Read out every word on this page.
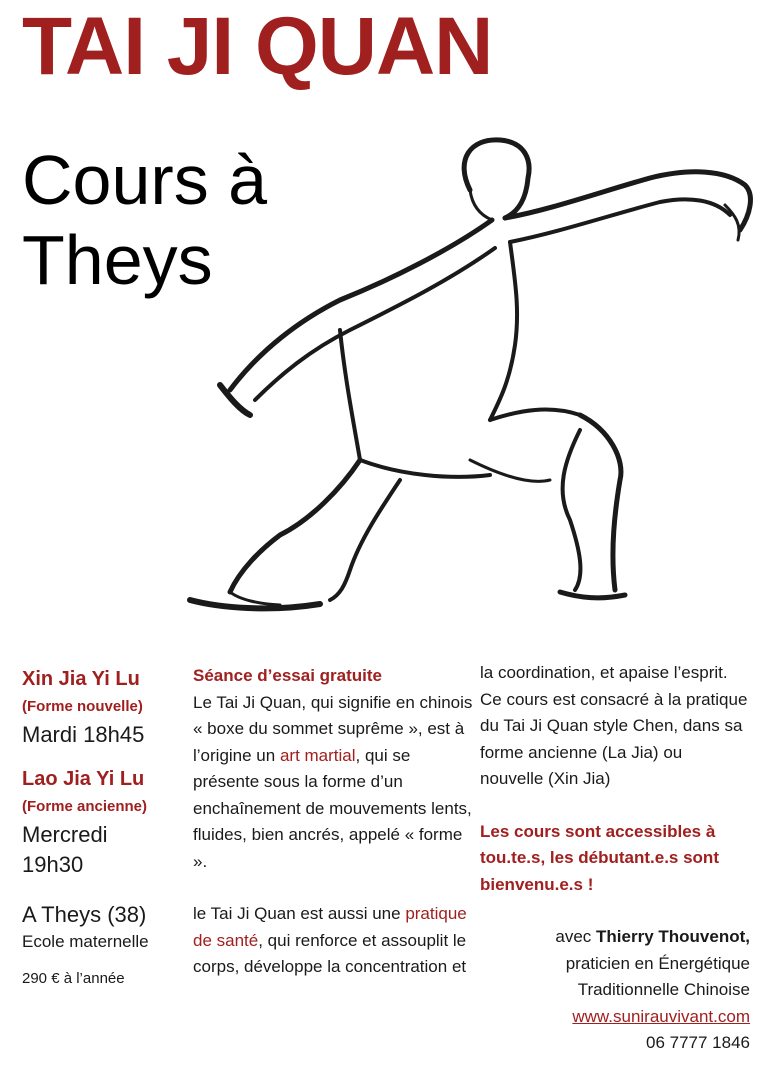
TAI JI QUAN
Cours à
Theys
Xin Jia Yi Lu
(Forme nouvelle)
Mardi 18h45
Lao Jia Yi Lu
(Forme ancienne)
Mercredi
19h30
A Theys (38)
Ecole maternelle
290 € à l’année
Séance d’essai gratuite
Le Tai Ji Quan, qui signifie en chinois « boxe du sommet suprême », est à l’origine un art martial, qui se présente sous la forme d’un enchaînement de mouvements lents, fluides, bien ancrés, appelé « forme ».
le Tai Ji Quan est aussi une pratique de santé, qui renforce et assouplit le corps, développe la concentration et
la coordination, et apaise l’esprit.
Ce cours est consacré à la pratique du Tai Ji Quan style Chen, dans sa forme ancienne (La Jia) ou nouvelle (Xin Jia)
Les cours sont accessibles à tou.te.s, les débutant.e.s sont bienvenu.e.s !
avec Thierry Thouvenot,
praticien en Énergétique
Traditionnelle Chinoise
www.sunirauvivant.com
06 7777 1846
